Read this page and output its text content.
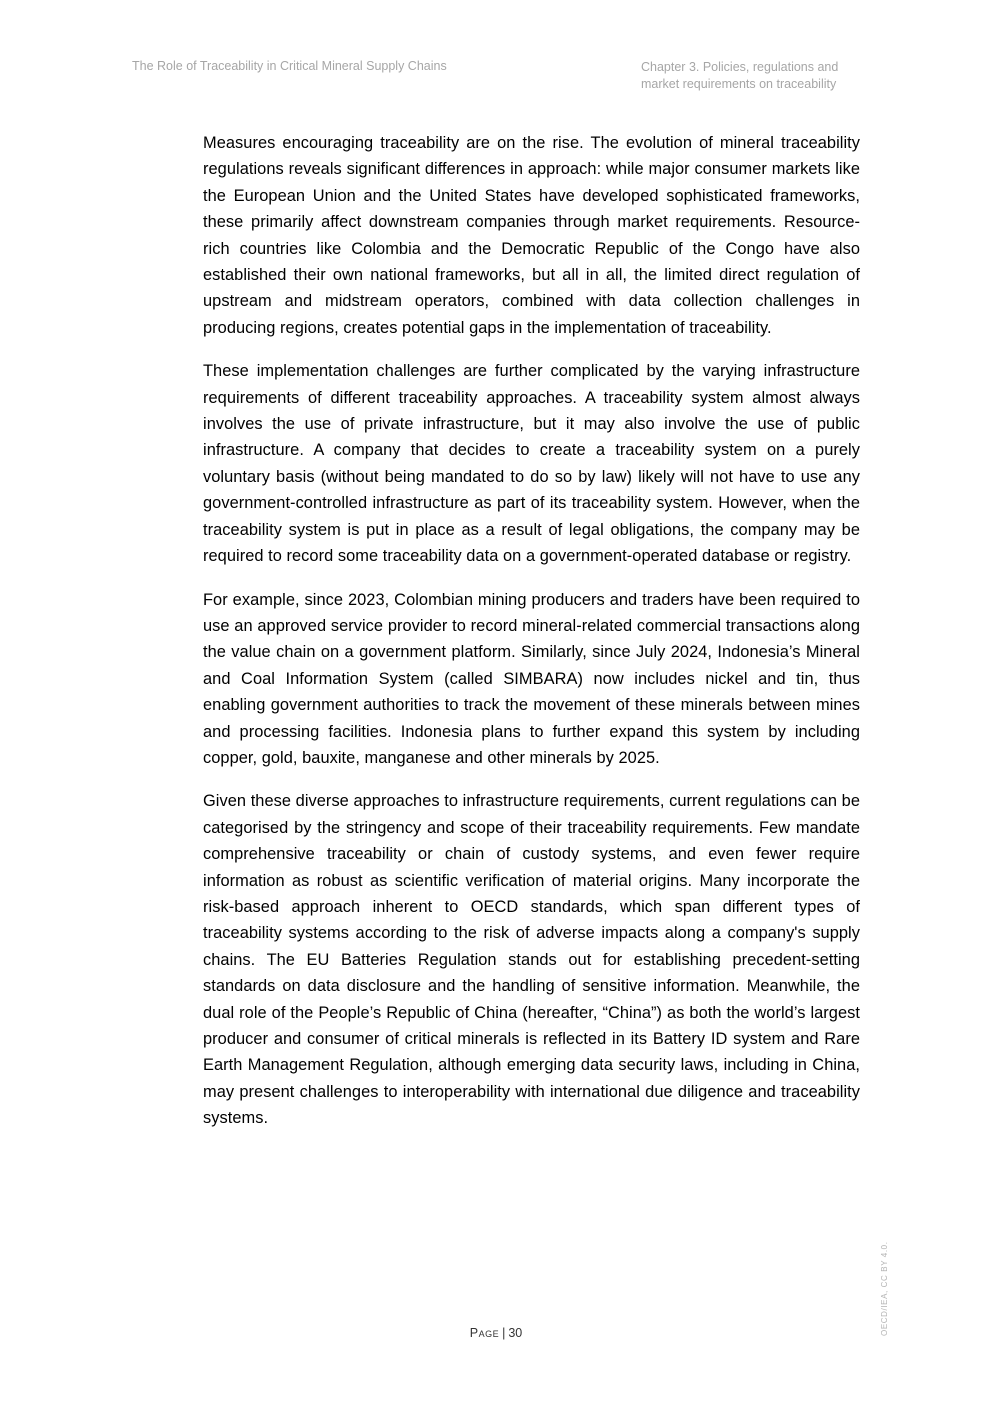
The Role of Traceability in Critical Mineral Supply Chains	Chapter 3. Policies, regulations and
market requirements on traceability

Measures encouraging traceability are on the rise. The evolution of mineral traceability regulations reveals significant differences in approach: while major consumer markets like the European Union and the United States have developed sophisticated frameworks, these primarily affect downstream companies through market requirements. Resource-rich countries like Colombia and the Democratic Republic of the Congo have also established their own national frameworks, but all in all, the limited direct regulation of upstream and midstream operators, combined with data collection challenges in producing regions, creates potential gaps in the implementation of traceability.

These implementation challenges are further complicated by the varying infrastructure requirements of different traceability approaches. A traceability system almost always involves the use of private infrastructure, but it may also involve the use of public infrastructure. A company that decides to create a traceability system on a purely voluntary basis (without being mandated to do so by law) likely will not have to use any government-controlled infrastructure as part of its traceability system. However, when the traceability system is put in place as a result of legal obligations, the company may be required to record some traceability data on a government-operated database or registry.

For example, since 2023, Colombian mining producers and traders have been required to use an approved service provider to record mineral-related commercial transactions along the value chain on a government platform. Similarly, since July 2024, Indonesia’s Mineral and Coal Information System (called SIMBARA) now includes nickel and tin, thus enabling government authorities to track the movement of these minerals between mines and processing facilities. Indonesia plans to further expand this system by including copper, gold, bauxite, manganese and other minerals by 2025.

Given these diverse approaches to infrastructure requirements, current regulations can be categorised by the stringency and scope of their traceability requirements. Few mandate comprehensive traceability or chain of custody systems, and even fewer require information as robust as scientific verification of material origins. Many incorporate the risk-based approach inherent to OECD standards, which span different types of traceability systems according to the risk of adverse impacts along a company's supply chains. The EU Batteries Regulation stands out for establishing precedent-setting standards on data disclosure and the handling of sensitive information. Meanwhile, the dual role of the People’s Republic of China (hereafter, “China”) as both the world’s largest producer and consumer of critical minerals is reflected in its Battery ID system and Rare Earth Management Regulation, although emerging data security laws, including in China, may present challenges to interoperability with international due diligence and traceability systems.

Page | 30	OECD/IEA, CC BY 4.0.
